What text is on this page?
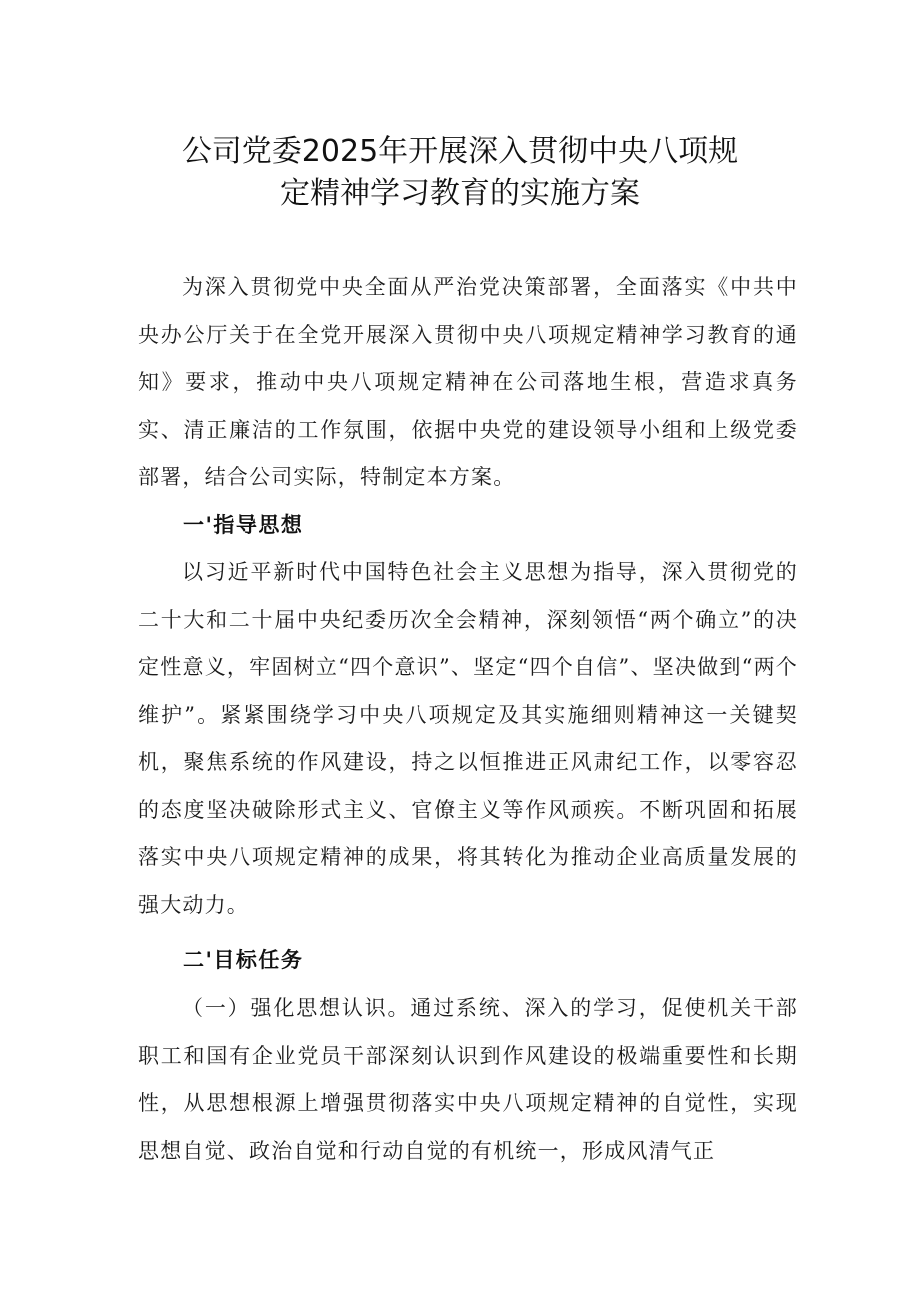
公司党委2025年开展深入贯彻中央八项规
定精神学习教育的实施方案

为深入贯彻党中央全面从严治党决策部署，全面落实《中共中央办公厅关于在全党开展深入贯彻中央八项规定精神学习教育的通知》要求，推动中央八项规定精神在公司落地生根，营造求真务实、清正廉洁的工作氛围，依据中央党的建设领导小组和上级党委部署，结合公司实际，特制定本方案。

一'指导思想

以习近平新时代中国特色社会主义思想为指导，深入贯彻党的二十大和二十届中央纪委历次全会精神，深刻领悟“两个确立”的决定性意义，牢固树立“四个意识”、坚定“四个自信”、坚决做到“两个维护”。紧紧围绕学习中央八项规定及其实施细则精神这一关键契机，聚焦系统的作风建设，持之以恒推进正风肃纪工作，以零容忍的态度坚决破除形式主义、官僚主义等作风顽疾。不断巩固和拓展落实中央八项规定精神的成果，将其转化为推动企业高质量发展的强大动力。

二'目标任务

（一）强化思想认识。通过系统、深入的学习，促使机关干部职工和国有企业党员干部深刻认识到作风建设的极端重要性和长期性，从思想根源上增强贯彻落实中央八项规定精神的自觉性，实现思想自觉、政治自觉和行动自觉的有机统一，形成风清气正
